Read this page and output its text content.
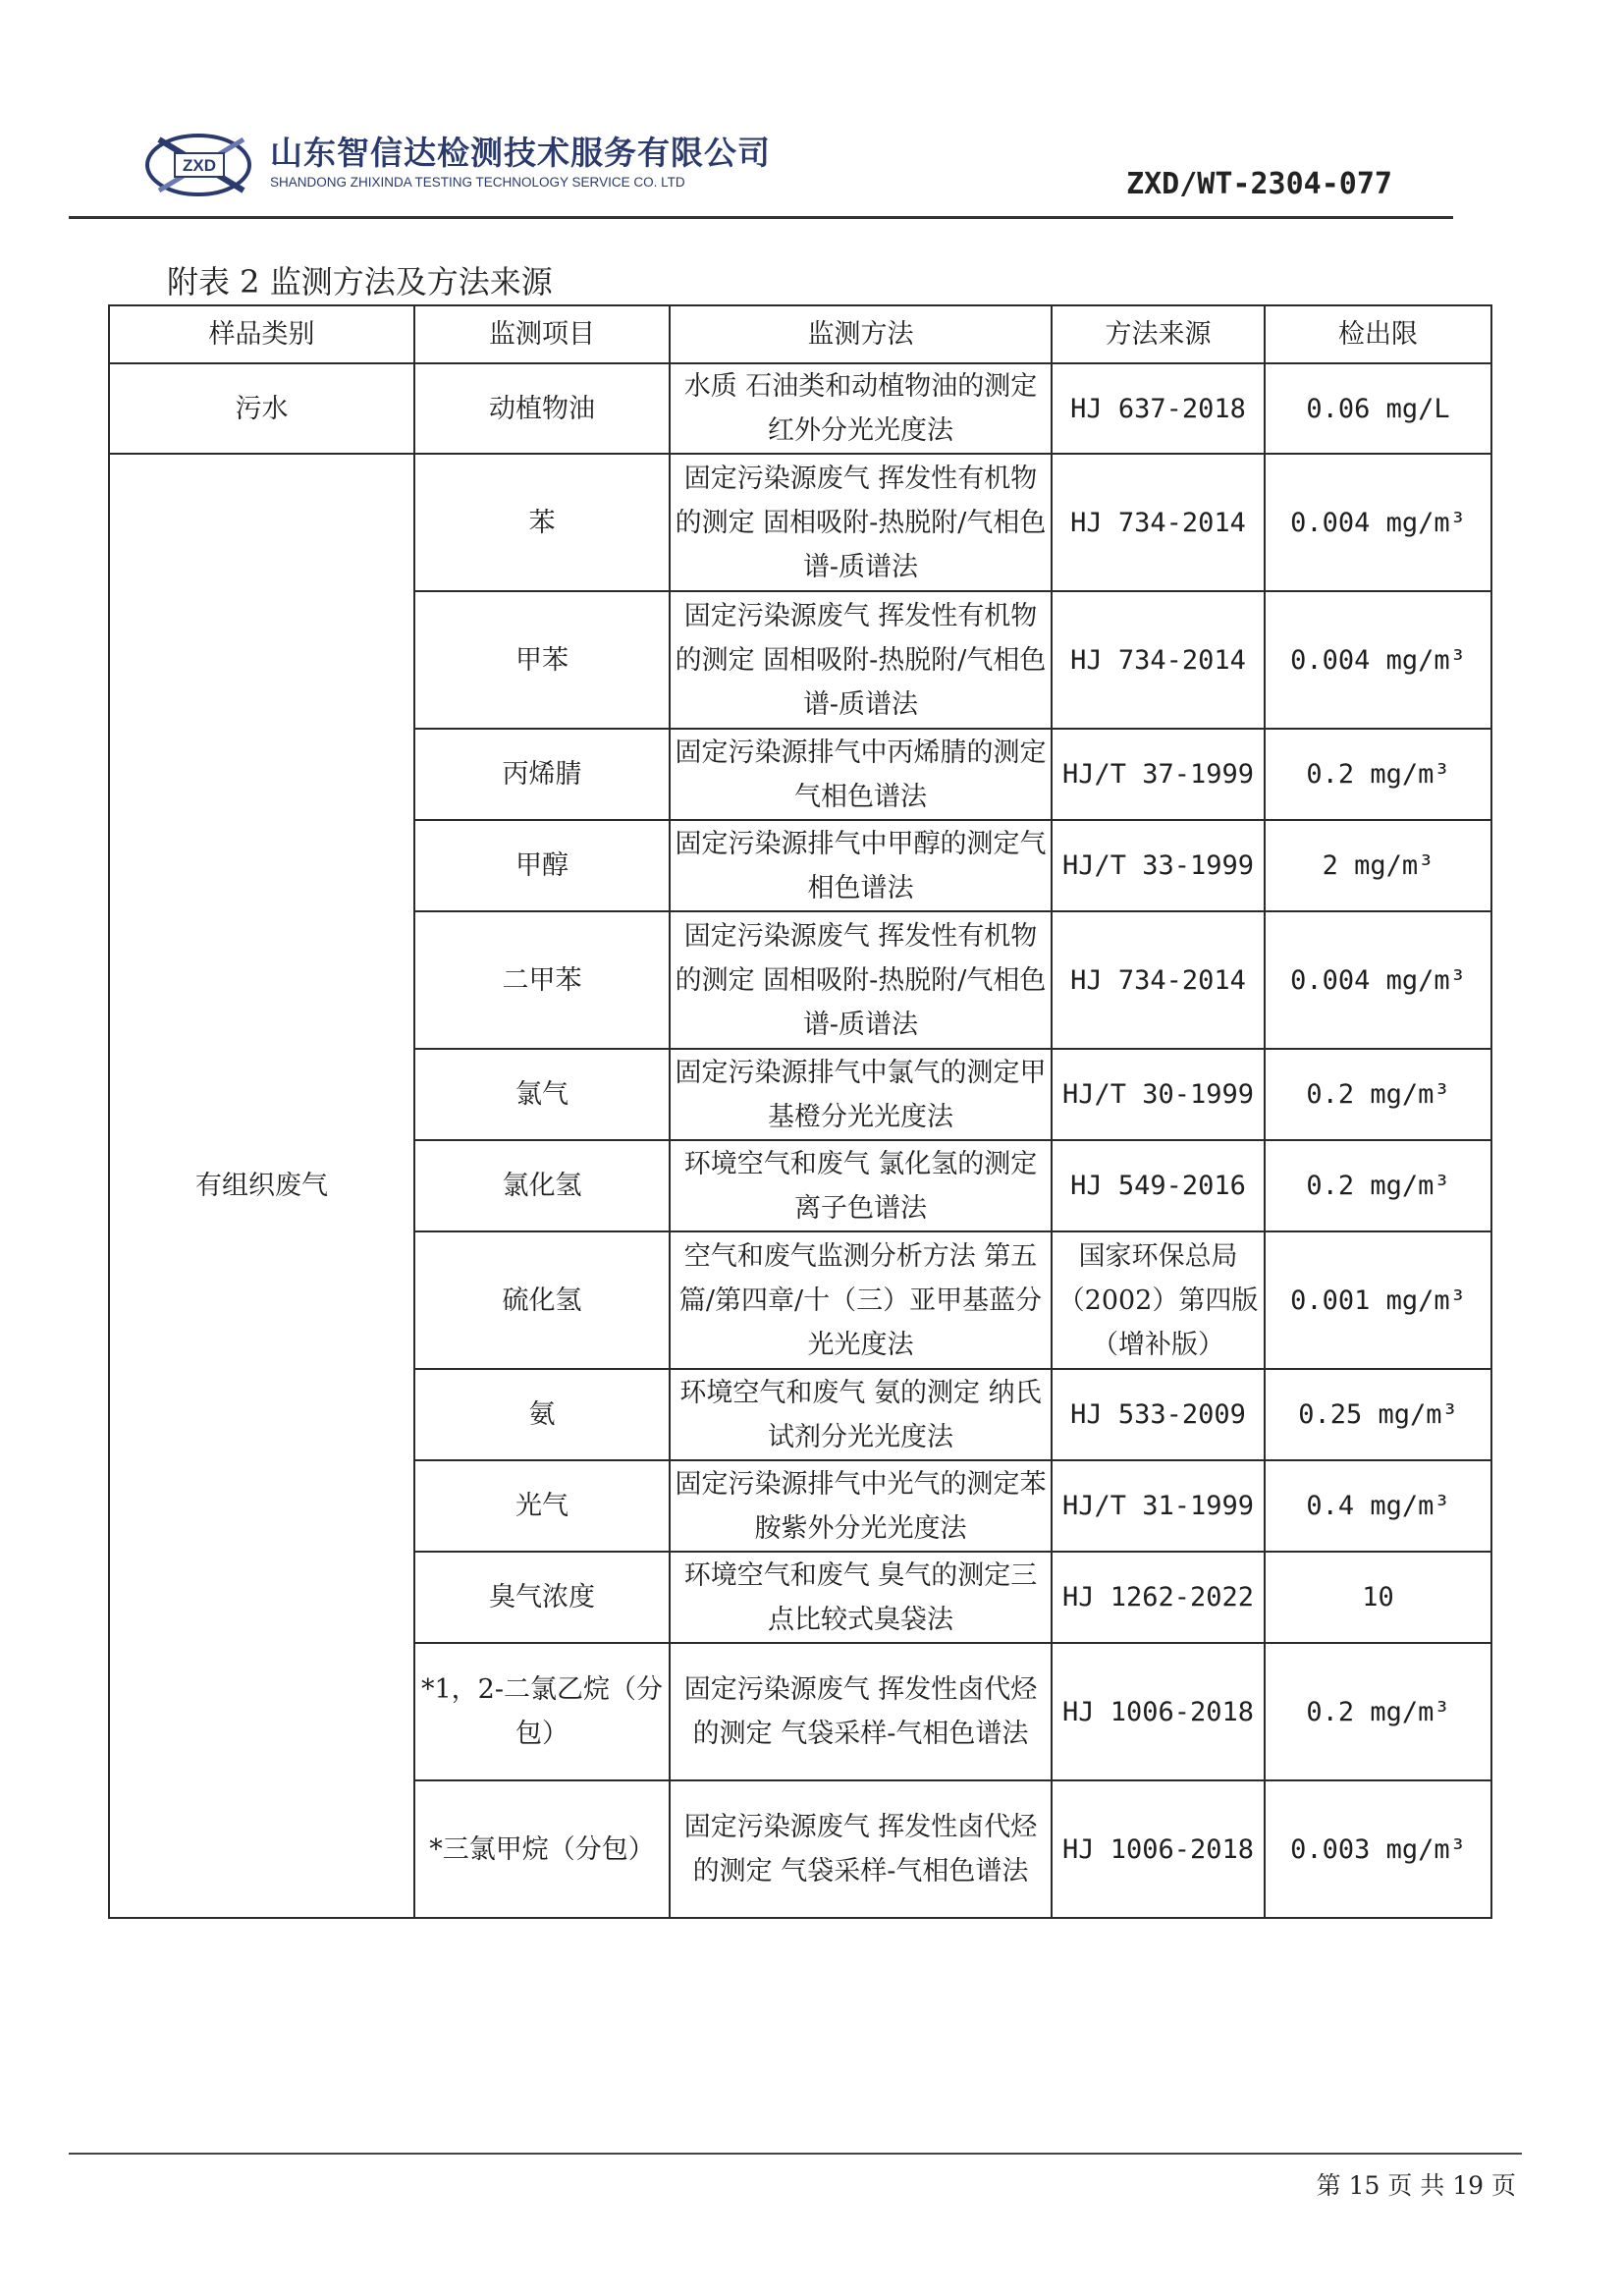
ZXD 山东智信达检测技术服务有限公司
SHANDONG ZHIXINDA TESTING TECHNOLOGY SERVICE CO. LTD	ZXD/WT-2304-077
附表 2 监测方法及方法来源
样品类别	监测项目	监测方法	方法来源	检出限
污水	动植物油	水质 石油类和动植物油的测定 红外分光光度法	HJ 637-2018	0.06 mg/L
有组织废气	苯	固定污染源废气 挥发性有机物的测定 固相吸附-热脱附/气相色谱-质谱法	HJ 734-2014	0.004 mg/m³
	甲苯	固定污染源废气 挥发性有机物的测定 固相吸附-热脱附/气相色谱-质谱法	HJ 734-2014	0.004 mg/m³
	丙烯腈	固定污染源排气中丙烯腈的测定 气相色谱法	HJ/T 37-1999	0.2 mg/m³
	甲醇	固定污染源排气中甲醇的测定气相色谱法	HJ/T 33-1999	2 mg/m³
	二甲苯	固定污染源废气 挥发性有机物的测定 固相吸附-热脱附/气相色谱-质谱法	HJ 734-2014	0.004 mg/m³
	氯气	固定污染源排气中氯气的测定甲基橙分光光度法	HJ/T 30-1999	0.2 mg/m³
	氯化氢	环境空气和废气 氯化氢的测定 离子色谱法	HJ 549-2016	0.2 mg/m³
	硫化氢	空气和废气监测分析方法 第五篇/第四章/十（三）亚甲基蓝分光光度法	国家环保总局（2002）第四版（增补版）	0.001 mg/m³
	氨	环境空气和废气 氨的测定 纳氏试剂分光光度法	HJ 533-2009	0.25 mg/m³
	光气	固定污染源排气中光气的测定苯胺紫外分光光度法	HJ/T 31-1999	0.4 mg/m³
	臭气浓度	环境空气和废气 臭气的测定三点比较式臭袋法	HJ 1262-2022	10
	*1，2-二氯乙烷（分包）	固定污染源废气 挥发性卤代烃的测定 气袋采样-气相色谱法	HJ 1006-2018	0.2 mg/m³
	*三氯甲烷（分包）	固定污染源废气 挥发性卤代烃的测定 气袋采样-气相色谱法	HJ 1006-2018	0.003 mg/m³
第 15 页 共 19 页
